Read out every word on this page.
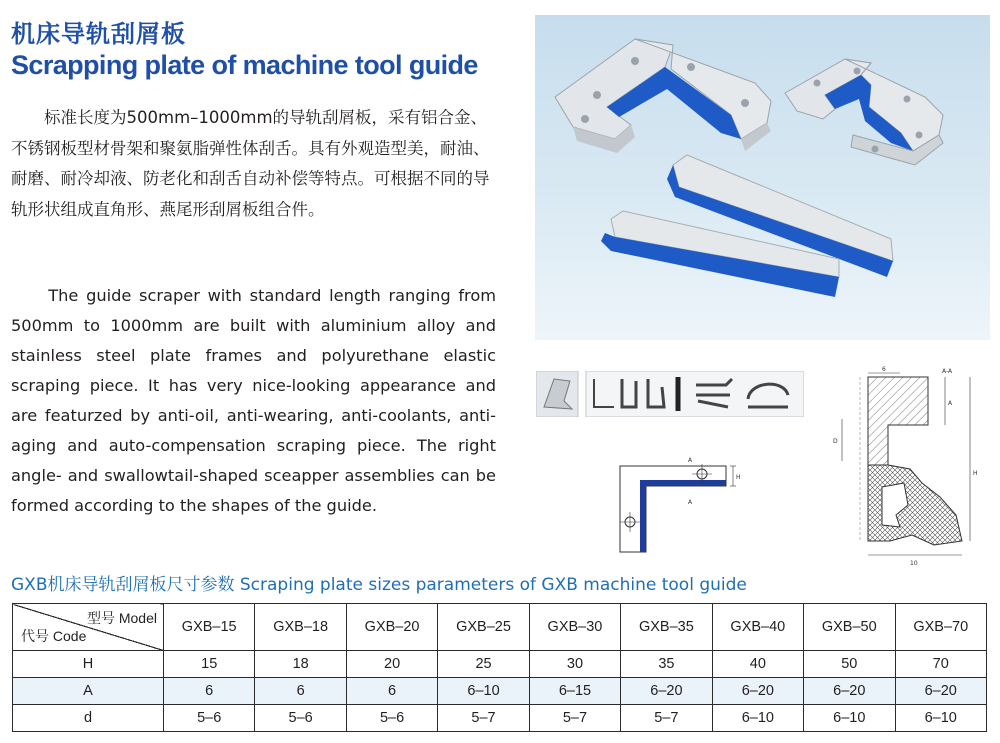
机床导轨刮屑板
Scrapping plate of machine tool guide

标准长度为500mm–1000mm的导轨刮屑板，采有铝合金、不锈钢板型材骨架和聚氨脂弹性体刮舌。具有外观造型美，耐油、耐磨、耐冷却液、防老化和刮舌自动补偿等特点。可根据不同的导轨形状组成直角形、燕尾形刮屑板组合件。

The guide scraper with standard length ranging from 500mm to 1000mm are built with aluminium alloy and stainless steel plate frames and polyurethane elastic scraping piece. It has very nice-looking appearance and are featurzed by anti-oil, anti-wearing, anti-coolants, anti-aging and auto-compensation scraping piece. The right angle- and swallowtail-shaped sceapper assemblies can be formed according to the shapes of the guide.

A
A
H
6	A-A
A
H
D
10

GXB机床导轨刮屑板尺寸参数 Scraping plate sizes parameters of GXB machine tool guide

型号 Model
代号 Code	GXB–15	GXB–18	GXB–20	GXB–25	GXB–30	GXB–35	GXB–40	GXB–50	GXB–70
H	15	18	20	25	30	35	40	50	70
A	6	6	6	6–10	6–15	6–20	6–20	6–20	6–20
d	5–6	5–6	5–6	5–7	5–7	5–7	6–10	6–10	6–10
